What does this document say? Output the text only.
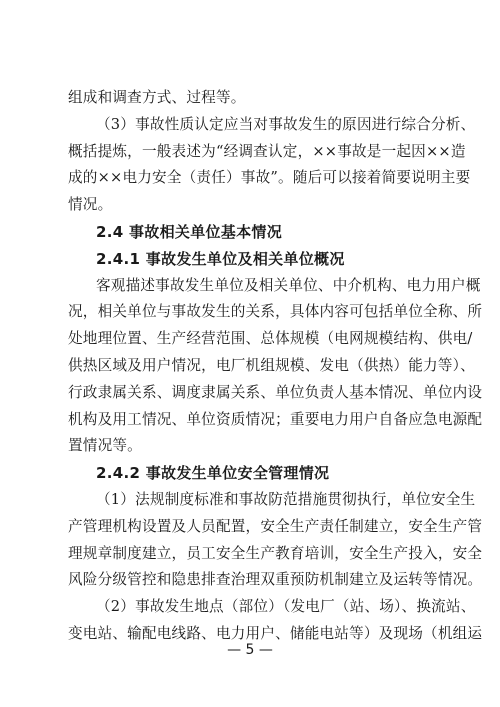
组成和调查方式、过程等。
（3）事故性质认定应当对事故发生的原因进行综合分析、
概括提炼，一般表述为“经调查认定，××事故是一起因××造
成的××电力安全（责任）事故”。随后可以接着简要说明主要
情况。
2.4 事故相关单位基本情况
2.4.1 事故发生单位及相关单位概况
客观描述事故发生单位及相关单位、中介机构、电力用户概
况，相关单位与事故发生的关系，具体内容可包括单位全称、所
处地理位置、生产经营范围、总体规模（电网规模结构、供电/
供热区域及用户情况，电厂机组规模、发电（供热）能力等）、
行政隶属关系、调度隶属关系、单位负责人基本情况、单位内设
机构及用工情况、单位资质情况；重要电力用户自备应急电源配
置情况等。
2.4.2 事故发生单位安全管理情况
（1）法规制度标准和事故防范措施贯彻执行，单位安全生
产管理机构设置及人员配置，安全生产责任制建立，安全生产管
理规章制度建立，员工安全生产教育培训，安全生产投入，安全
风险分级管控和隐患排查治理双重预防机制建立及运转等情况。
（2）事故发生地点（部位）（发电厂（站、场）、换流站、
变电站、输配电线路、电力用户、储能电站等）及现场（机组运
— 5 —
